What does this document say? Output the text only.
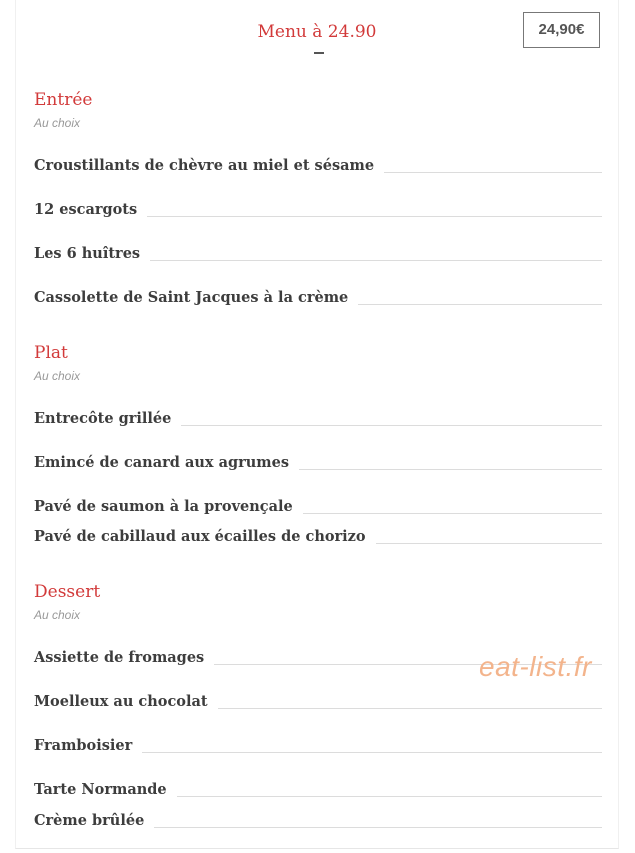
Menu à 24.90	24,90€
Entrée
Au choix
Croustillants de chèvre au miel et sésame
12 escargots
Les 6 huîtres
Cassolette de Saint Jacques à la crème
Plat
Au choix
Entrecôte grillée
Emincé de canard aux agrumes
Pavé de saumon à la provençale
Pavé de cabillaud aux écailles de chorizo
Dessert
Au choix
Assiette de fromages
Moelleux au chocolat
Framboisier
Tarte Normande
Crème brûlée
eat-list.fr
